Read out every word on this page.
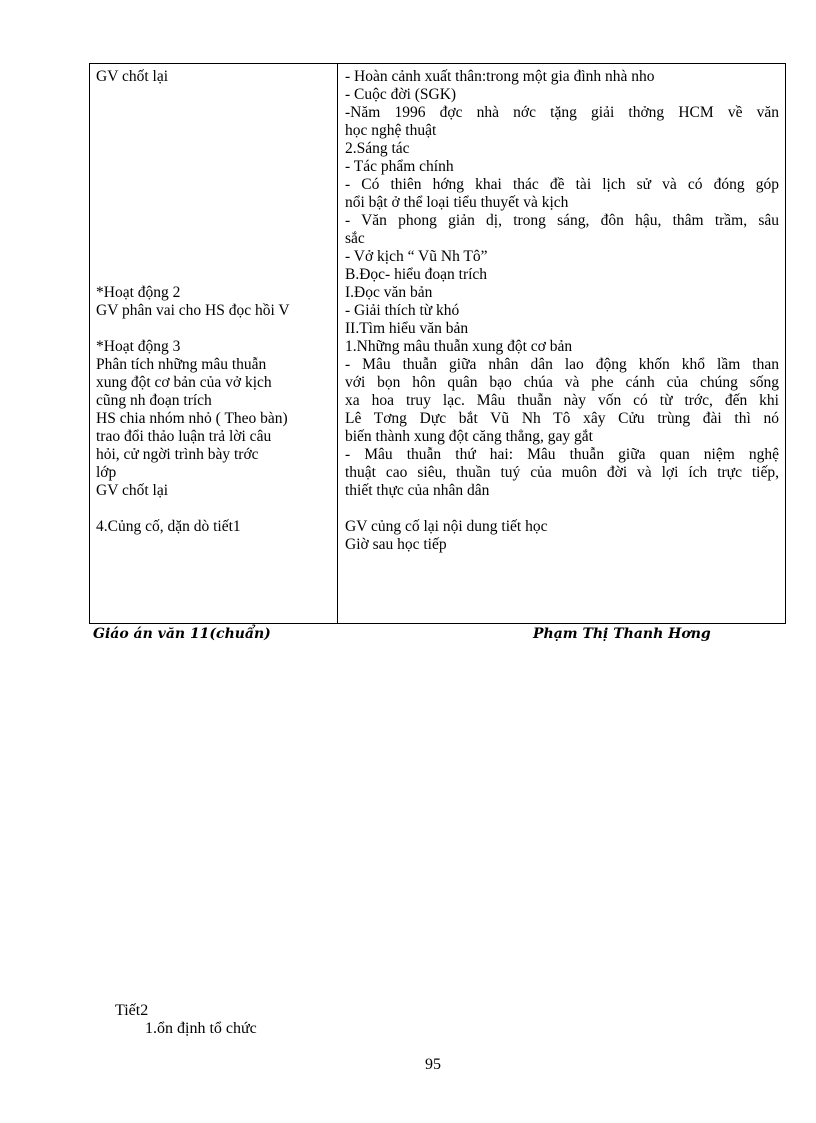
GV chốt lại
*Hoạt động 2
GV phân vai cho HS đọc hồi V
*Hoạt động 3
Phân tích những mâu thuẫn
xung đột cơ bản của vở kịch
cũng nh đoạn trích
HS chia nhóm nhỏ ( Theo bàn)
trao đổi thảo luận trả lời câu
hỏi, cử ngời trình bày trớc
lớp
GV chốt lại
4.Củng cố, dặn dò tiết1
- Hoàn cảnh xuất thân:trong một gia đình nhà nho
- Cuộc đời (SGK)
-Năm 1996 đợc nhà nớc tặng giải thởng HCM về văn
học nghệ thuật
2.Sáng tác
- Tác phẩm chính
- Có thiên hớng khai thác đề tài lịch sử và có đóng góp
nổi bật ở thể loại tiểu thuyết và kịch
- Văn phong giản dị, trong sáng, đôn hậu, thâm trầm, sâu
sắc
- Vở kịch “ Vũ Nh Tô”
B.Đọc- hiểu đoạn trích
I.Đọc văn bản
- Giải thích từ khó
II.Tìm hiểu văn bản
1.Những mâu thuẫn xung đột cơ bản
- Mâu thuẫn giữa nhân dân lao động khốn khổ lầm than
với bọn hôn quân bạo chúa và phe cánh của chúng sống
xa hoa truy lạc. Mâu thuẫn này vốn có từ trớc, đến khi
Lê Tơng Dực bắt Vũ Nh Tô xây Cửu trùng đài thì nó
biến thành xung đột căng thẳng, gay gắt
- Mâu thuẫn thứ hai: Mâu thuẫn giữa quan niệm nghệ
thuật cao siêu, thuần tuý của muôn đời và lợi ích trực tiếp,
thiết thực của nhân dân
GV củng cố lại nội dung tiết học
Giờ sau học tiếp
Giáo án văn 11(chuẩn)	Phạm Thị Thanh Hơng
Tiết2
1.ổn định tổ chức
95
